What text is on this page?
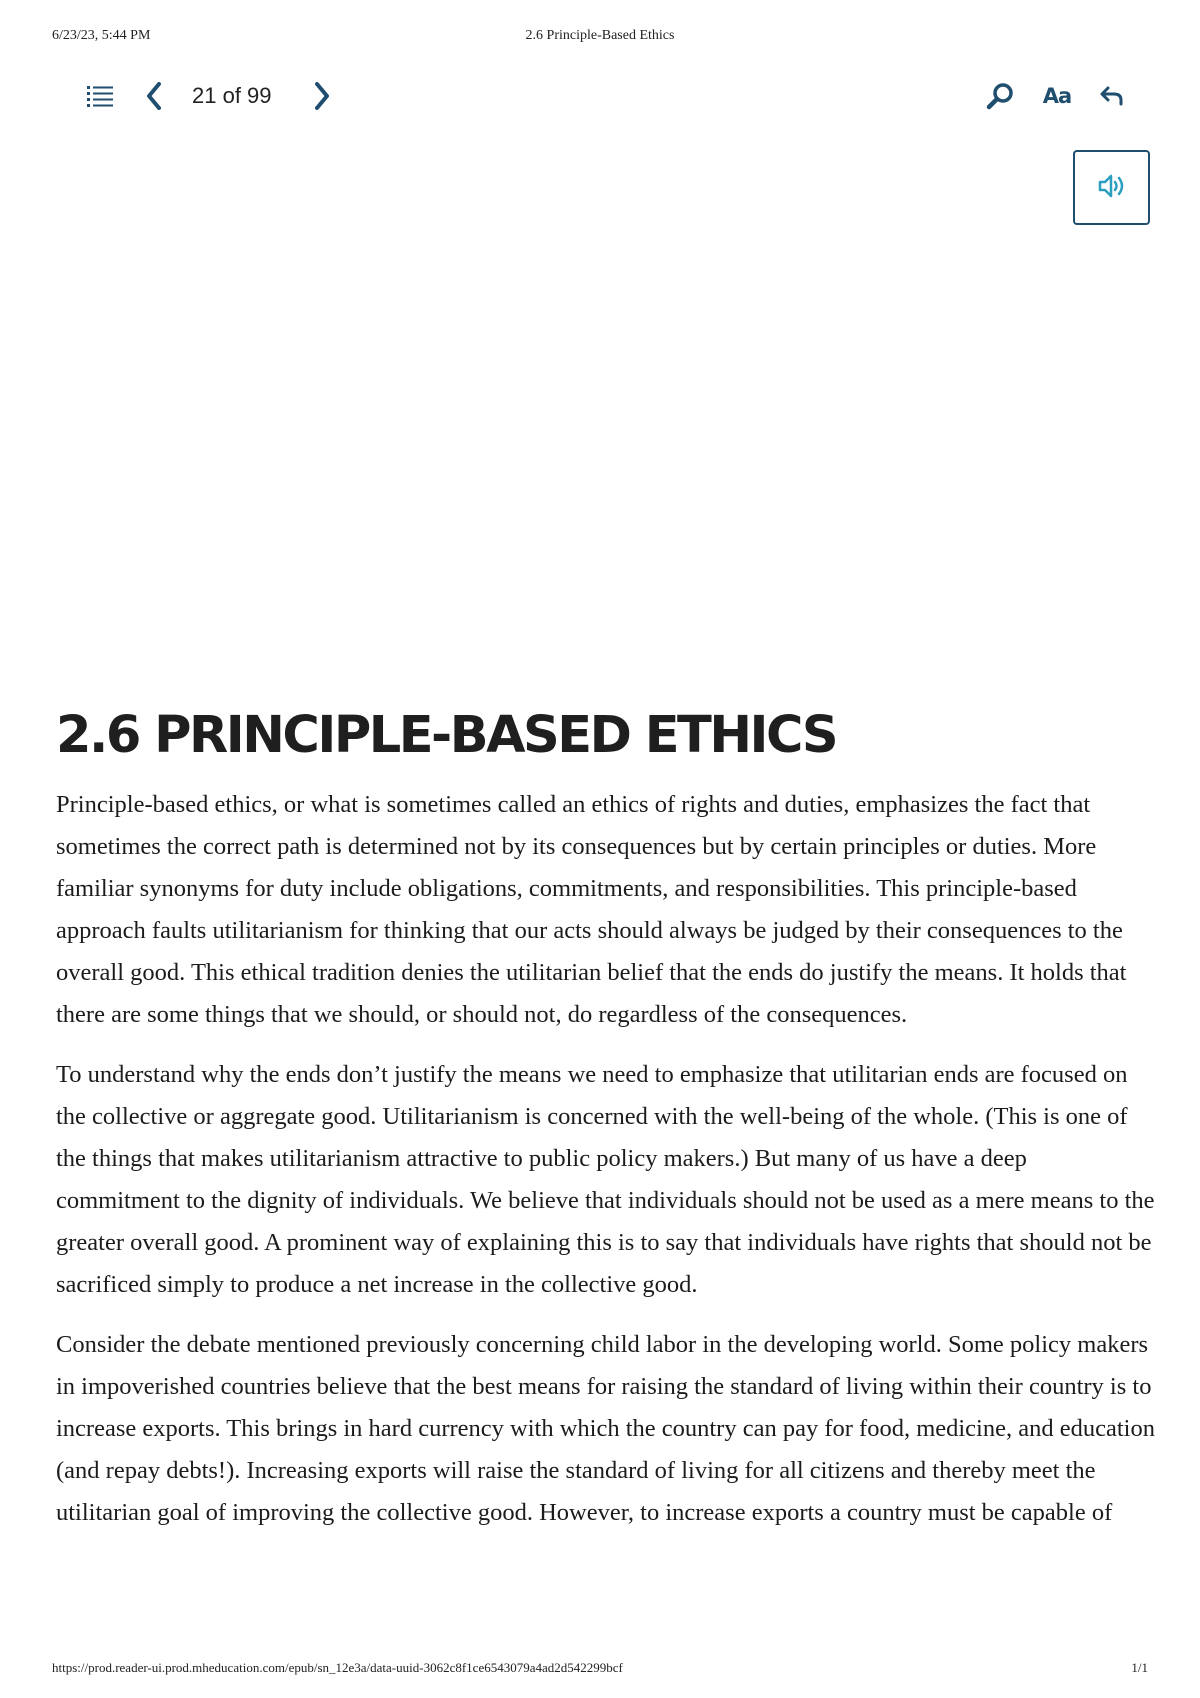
6/23/23, 5:44 PM	2.6 Principle-Based Ethics
21 of 99	Aa
2.6 PRINCIPLE-BASED ETHICS

Principle-based ethics, or what is sometimes called an ethics of rights and duties, emphasizes the fact that sometimes the correct path is determined not by its consequences but by certain principles or duties. More familiar synonyms for duty include obligations, commitments, and responsibilities. This principle-based approach faults utilitarianism for thinking that our acts should always be judged by their consequences to the overall good. This ethical tradition denies the utilitarian belief that the ends do justify the means. It holds that there are some things that we should, or should not, do regardless of the consequences.

To understand why the ends don’t justify the means we need to emphasize that utilitarian ends are focused on the collective or aggregate good. Utilitarianism is concerned with the well-being of the whole. (This is one of the things that makes utilitarianism attractive to public policy makers.) But many of us have a deep commitment to the dignity of individuals. We believe that individuals should not be used as a mere means to the greater overall good. A prominent way of explaining this is to say that individuals have rights that should not be sacrificed simply to produce a net increase in the collective good.

Consider the debate mentioned previously concerning child labor in the developing world. Some policy makers in impoverished countries believe that the best means for raising the standard of living within their country is to increase exports. This brings in hard currency with which the country can pay for food, medicine, and education (and repay debts!). Increasing exports will raise the standard of living for all citizens and thereby meet the utilitarian goal of improving the collective good. However, to increase exports a country must be capable of

https://prod.reader-ui.prod.mheducation.com/epub/sn_12e3a/data-uuid-3062c8f1ce6543079a4ad2d542299bcf	1/1
